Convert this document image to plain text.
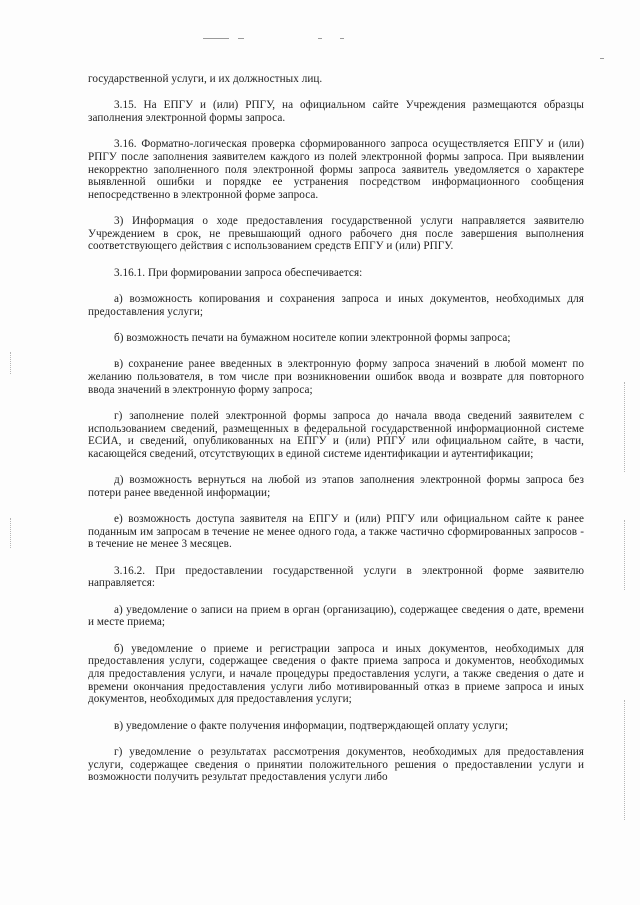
государственной услуги, и их должностных лиц.

3.15. На ЕПГУ и (или) РПГУ, на официальном сайте Учреждения размещаются образцы заполнения электронной формы запроса.

3.16. Форматно-логическая проверка сформированного запроса осуществляется ЕПГУ и (или) РПГУ после заполнения заявителем каждого из полей электронной формы запроса. При выявлении некорректно заполненного поля электронной формы запроса заявитель уведомляется о характере выявленной ошибки и порядке ее устранения посредством информационного сообщения непосредственно в электронной форме запроса.

3) Информация о ходе предоставления государственной услуги направляется заявителю Учреждением в срок, не превышающий одного рабочего дня после завершения выполнения соответствующего действия с использованием средств ЕПГУ и (или) РПГУ.

3.16.1. При формировании запроса обеспечивается:

а) возможность копирования и сохранения запроса и иных документов, необходимых для предоставления услуги;

б) возможность печати на бумажном носителе копии электронной формы запроса;

в) сохранение ранее введенных в электронную форму запроса значений в любой момент по желанию пользователя, в том числе при возникновении ошибок ввода и возврате для повторного ввода значений в электронную форму запроса;

г) заполнение полей электронной формы запроса до начала ввода сведений заявителем с использованием сведений, размещенных в федеральной государственной информационной системе ЕСИА, и сведений, опубликованных на ЕПГУ и (или) РПГУ или официальном сайте, в части, касающейся сведений, отсутствующих в единой системе идентификации и аутентификации;

д) возможность вернуться на любой из этапов заполнения электронной формы запроса без потери ранее введенной информации;

е) возможность доступа заявителя на ЕПГУ и (или) РПГУ или официальном сайте к ранее поданным им запросам в течение не менее одного года, а также частично сформированных запросов - в течение не менее 3 месяцев.

3.16.2. При предоставлении государственной услуги в электронной форме заявителю направляется:

а) уведомление о записи на прием в орган (организацию), содержащее сведения о дате, времени и месте приема;

б) уведомление о приеме и регистрации запроса и иных документов, необходимых для предоставления услуги, содержащее сведения о факте приема запроса и документов, необходимых для предоставления услуги, и начале процедуры предоставления услуги, а также сведения о дате и времени окончания предоставления услуги либо мотивированный отказ в приеме запроса и иных документов, необходимых для предоставления услуги;

в) уведомление о факте получения информации, подтверждающей оплату услуги;

г) уведомление о результатах рассмотрения документов, необходимых для предоставления услуги, содержащее сведения о принятии положительного решения о предоставлении услуги и возможности получить результат предоставления услуги либо
